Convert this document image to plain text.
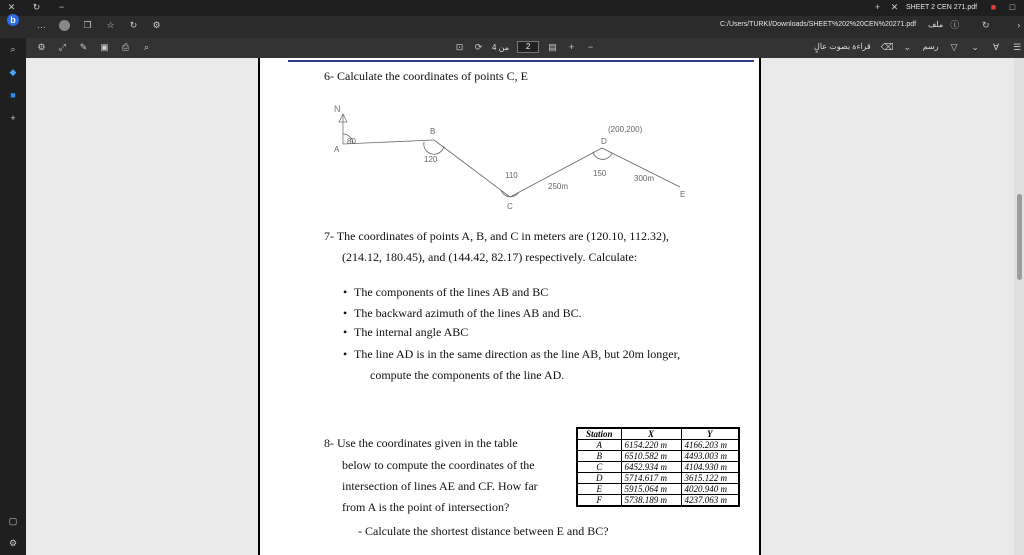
✕ ↻	−	+	✕ SHEET 2 CEN 271.pdf	■	□
…	❐ ☆ ↻ ⚙	C:/Users/TURKI/Downloads/SHEET%202%20CEN%20271.pdf ملف ⓘ	↻	›
b
⌕
◆
■
+
▢
⚙
⚙ ⤢ ✎ ▣ ⎙	⌕	⊡ ⟳ من 4	2	▤	+	−	قراءة بصوت عالٍ ⌫ ⌄ رسم ▽ ⌄ ∀ ☰
6- Calculate the coordinates of points C, E
N
A
80
B
120
110
C
250m
(200,200)
D
150
300m
E
7- The coordinates of points A, B, and C in meters are (120.10, 112.32),
(214.12, 180.45), and (144.42, 82.17) respectively. Calculate:
• The components of the lines AB and BC
• The backward azimuth of the lines AB and BC.
• The internal angle ABC
• The line AD is in the same direction as the line AB, but 20m longer,
compute the components of the line AD.
8- Use the coordinates given in the table
below to compute the coordinates of the
intersection of lines AE and CF. How far
from A is the point of intersection?
- Calculate the shortest distance between E and BC?
Station	X	Y
A	6154.220 m	4166.203 m
B	6510.582 m	4493.003 m
C	6452.934 m	4104.930 m
D	5714.617 m	3615.122 m
E	5915.064 m	4020.940 m
F	5738.189 m	4237.063 m
